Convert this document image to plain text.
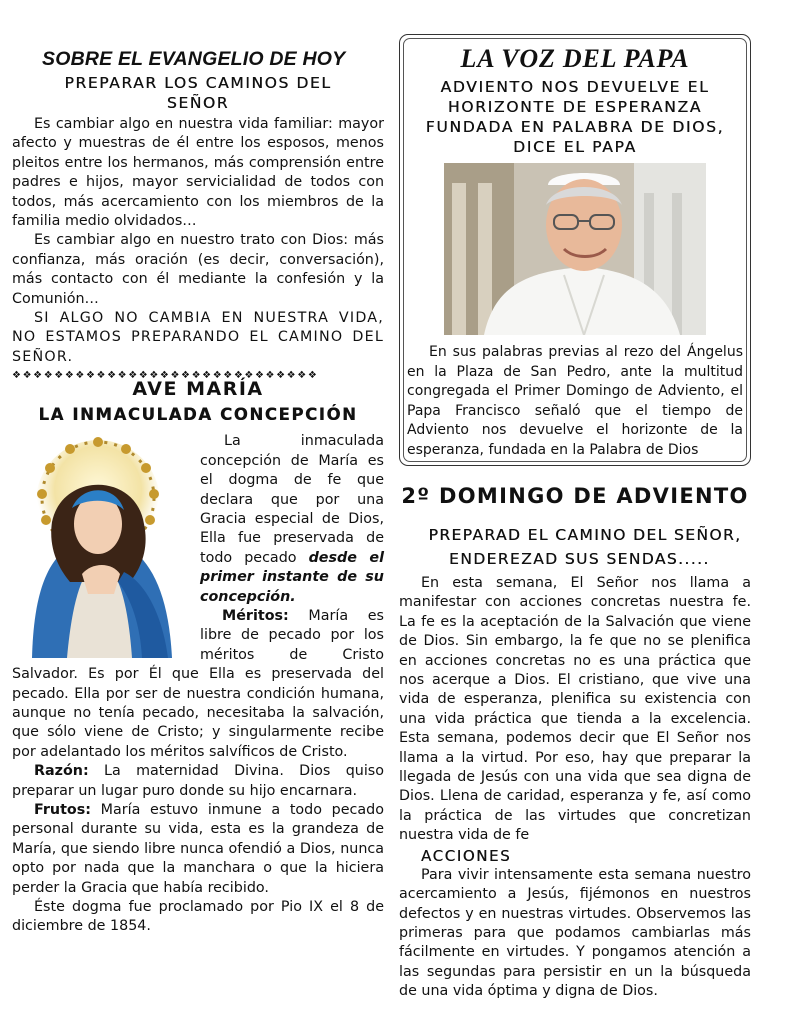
SOBRE EL EVANGELIO DE HOY
PREPARAR LOS CAMINOS DEL SEÑOR

Es cambiar algo en nuestra vida familiar: mayor afecto y muestras de él entre los esposos, menos pleitos entre los hermanos, más comprensión entre padres e hijos, mayor servicialidad de todos con todos, más acercamiento con los miembros de la familia medio olvidados…

Es cambiar algo en nuestro trato con Dios: más confianza, más oración (es decir, conversación), más contacto con él mediante la confesión y la Comunión…

SI ALGO NO CAMBIA EN NUESTRA VIDA, NO ESTAMOS PREPARANDO EL CAMINO DEL SEÑOR.

❖❖❖❖❖❖❖❖❖❖❖❖❖❖❖❖❖❖❖❖❖❖❖❖❖❖❖❖❖
AVE MARÍA
LA INMACULADA CONCEPCIÓN

La inmaculada concepción de María es el dogma de fe que declara que por una Gracia especial de Dios, Ella fue preservada de todo pecado desde el primer instante de su concepción.

Méritos: María es libre de pecado por los méritos de Cristo Salvador. Es por Él que Ella es preservada del pecado. Ella por ser de nuestra condición humana, aunque no tenía pecado, necesitaba la salvación, que sólo viene de Cristo; y singularmente recibe por adelantado los méritos salvíficos de Cristo.

Razón: La maternidad Divina. Dios quiso preparar un lugar puro donde su hijo encarnara.

Frutos: María estuvo inmune a todo pecado personal durante su vida, esta es la grandeza de María, que siendo libre nunca ofendió a Dios, nunca opto por nada que la manchara o que la hiciera perder la Gracia que había recibido.

Éste dogma fue proclamado por Pio IX el 8 de diciembre de 1854.

LA VOZ DEL PAPA
ADVIENTO NOS DEVUELVE EL
HORIZONTE DE ESPERANZA
FUNDADA EN PALABRA DE DIOS,
DICE EL PAPA

En sus palabras previas al rezo del Ángelus en la Plaza de San Pedro, ante la multitud congregada el Primer Domingo de Adviento, el Papa Francisco señaló que el tiempo de Adviento nos devuelve el horizonte de la esperanza, fundada en la Palabra de Dios

2º DOMINGO DE ADVIENTO
PREPARAD EL CAMINO DEL SEÑOR,
ENDEREZAD SUS SENDAS.....

En esta semana, El Señor nos llama a manifestar con acciones concretas nuestra fe. La fe es la aceptación de la Salvación que viene de Dios. Sin embargo, la fe que no se plenifica en acciones concretas no es una práctica que nos acerque a Dios. El cristiano, que vive una vida de esperanza, plenifica su existencia con una vida práctica que tienda a la excelencia. Esta semana, podemos decir que El Señor nos llama a la virtud. Por eso, hay que preparar la llegada de Jesús con una vida que sea digna de Dios. Llena de caridad, esperanza y fe, así como la práctica de las virtudes que concretizan nuestra vida de fe

ACCIONES

Para vivir intensamente esta semana nuestro acercamiento a Jesús, fijémonos en nuestros defectos y en nuestras virtudes. Observemos las primeras para que podamos cambiarlas más fácilmente en virtudes. Y pongamos atención a las segundas para persistir en un la búsqueda de una vida óptima y digna de Dios.
